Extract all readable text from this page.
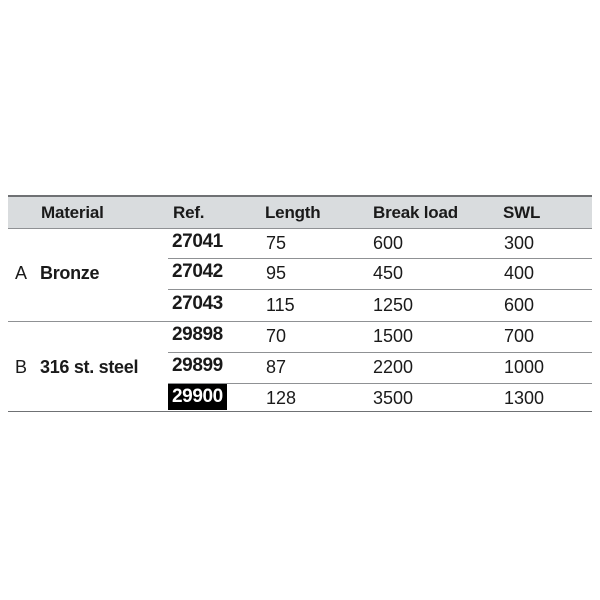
Material	Ref.	Length	Break load	SWL
A Bronze
27041 75	600	300
27042 95	450	400
27043 115	1250	600
B 316 st. steel
29898 70	1500	700
29899 87	2200	1000
29900 128	3500	1300
